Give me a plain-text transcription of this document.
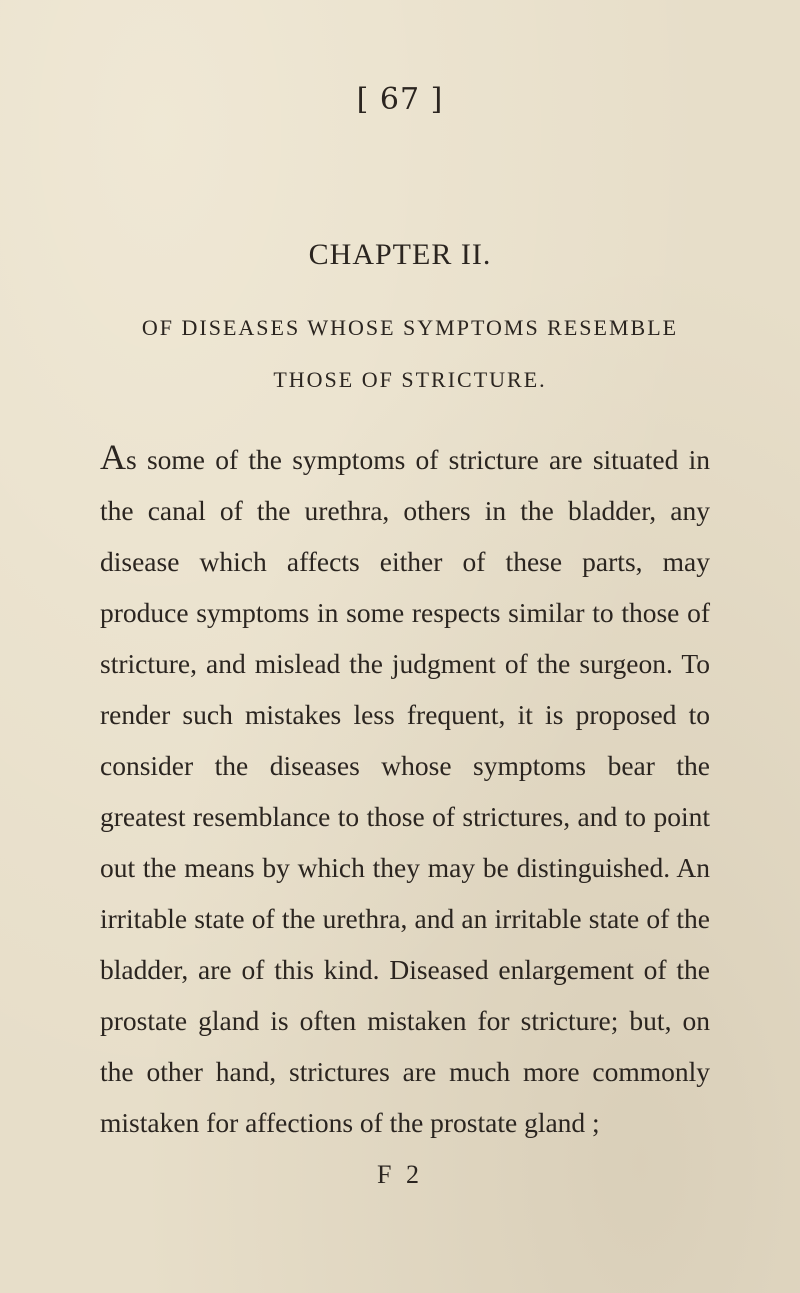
[ 67 ]
CHAPTER II.
OF DISEASES WHOSE SYMPTOMS RESEMBLE
THOSE OF STRICTURE.
As some of the symptoms of stricture are situated in the canal of the urethra, others in the bladder, any disease which affects either of these parts, may produce symptoms in some respects similar to those of stricture, and mislead the judgment of the surgeon. To render such mistakes less frequent, it is proposed to consider the diseases whose symptoms bear the greatest resemblance to those of strictures, and to point out the means by which they may be distinguished. An irritable state of the urethra, and an irritable state of the bladder, are of this kind. Diseased enlargement of the prostate gland is often mistaken for stricture; but, on the other hand, strictures are much more commonly mistaken for affections of the prostate gland ;
F 2
